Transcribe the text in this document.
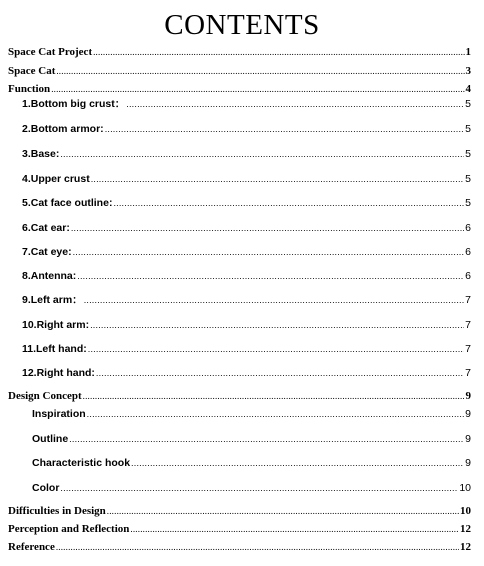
CONTENTS
Space Cat Project .....	1
Space Cat .....	3
Function .....	4
1.Bottom big crust： .....	5
2.Bottom armor: .....	5
3.Base: .....	5
4.Upper crust .....	5
5.Cat face outline: .....	5
6.Cat ear: .....	6
7.Cat eye: .....	6
8.Antenna: .....	6
9.Left arm： .....	7
10.Right arm: .....	7
11.Left hand: .....	7
12.Right hand: .....	7
Design Concept .....	9
Inspiration .....	9
Outline .....	9
Characteristic hook .....	9
Color .....	10
Difficulties in Design .....	10
Perception and Reflection .....	12
Reference .....	12
